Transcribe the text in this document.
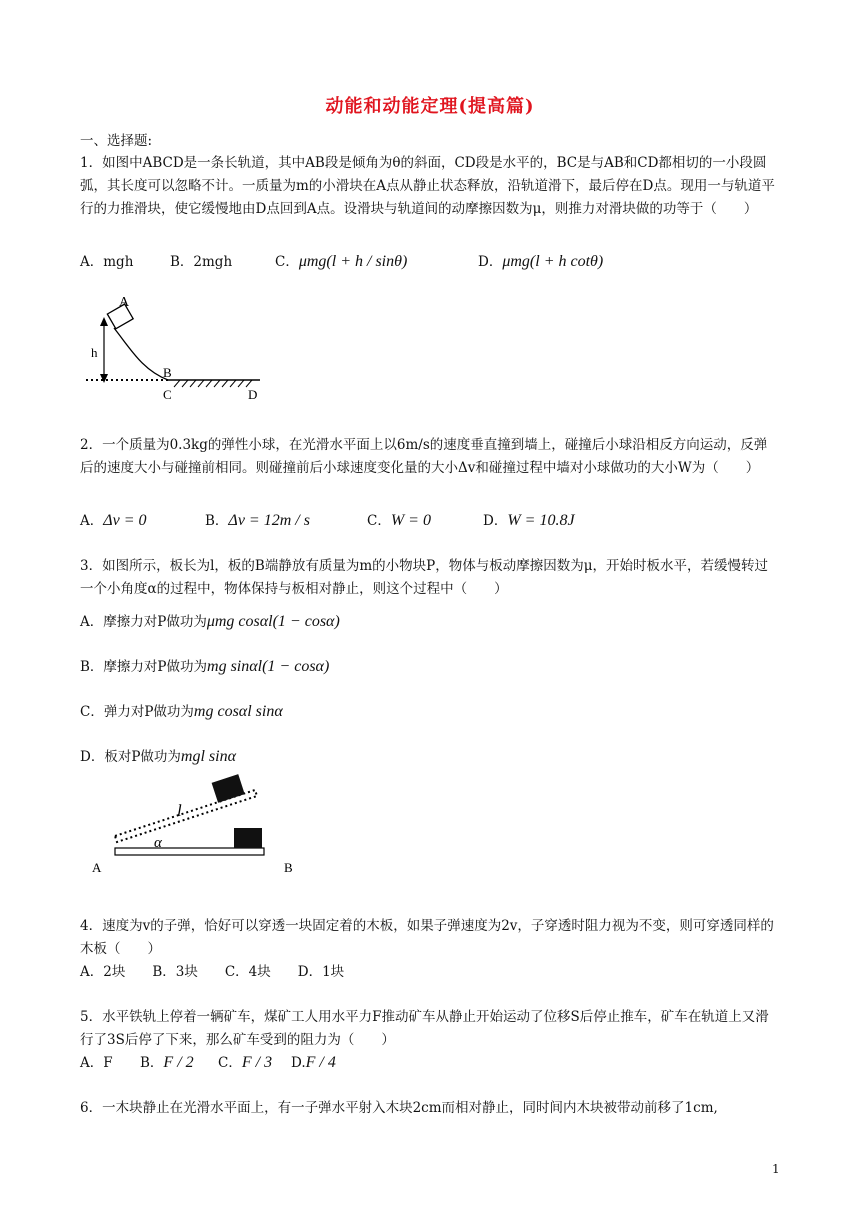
动能和动能定理(提高篇)
一、选择题:
1．如图中ABCD是一条长轨道，其中AB段是倾角为θ的斜面，CD段是水平的，BC是与AB和CD都相切的一小段圆弧，其长度可以忽略不计。一质量为m的小滑块在A点从静止状态释放，沿轨道滑下，最后停在D点。现用一与轨道平行的力推滑块，使它缓慢地由D点回到A点。设滑块与轨道间的动摩擦因数为μ，则推力对滑块做的功等于（　　）
A．mgh	B．2mgh	C．μmg(l + h / sinθ)	D．μmg(l + h cotθ)
A
h
B
C	D
2．一个质量为0.3kg的弹性小球，在光滑水平面上以6m/s的速度垂直撞到墙上，碰撞后小球沿相反方向运动，反弹后的速度大小与碰撞前相同。则碰撞前后小球速度变化量的大小Δv和碰撞过程中墙对小球做功的大小W为（　　）
A．Δv = 0	B．Δv = 12m / s	C．W = 0	D．W = 10.8J
3．如图所示，板长为l，板的B端静放有质量为m的小物块P，物体与板动摩擦因数为μ，开始时板水平，若缓慢转过一个小角度α的过程中，物体保持与板相对静止，则这个过程中（　　）
A．摩擦力对P做功为μmg cosαl(1 − cosα)
B．摩擦力对P做功为mg sinαl(1 − cosα)
C．弹力对P做功为mg cosαl sinα
D．板对P做功为mgl sinα
l
α
A	B
4．速度为v的子弹，恰好可以穿透一块固定着的木板，如果子弹速度为2v，子穿透时阻力视为不变，则可穿透同样的木板（　　）
A．2块　　B．3块　　C．4块　　D．1块
5．水平铁轨上停着一辆矿车，煤矿工人用水平力F推动矿车从静止开始运动了位移S后停止推车，矿车在轨道上又滑行了3S后停了下来，那么矿车受到的阻力为（　　）
A．F B．F / 2 C．F / 3 D.F / 4
6．一木块静止在光滑水平面上，有一子弹水平射入木块2cm而相对静止，同时间内木块被带动前移了1cm,
1
